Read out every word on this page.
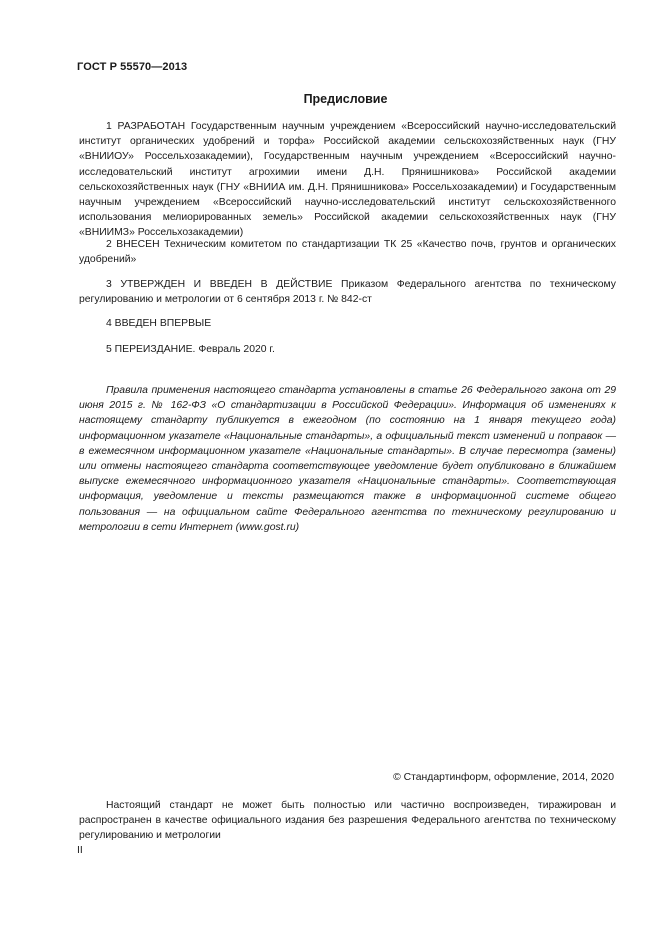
ГОСТ Р 55570—2013
Предисловие

1 РАЗРАБОТАН Государственным научным учреждением «Всероссийский научно-исследовательский институт органических удобрений и торфа» Российской академии сельскохозяйственных наук (ГНУ «ВНИИОУ» Россельхозакадемии), Государственным научным учреждением «Всероссийский научно-исследовательский институт агрохимии имени Д.Н. Прянишникова» Российской академии сельскохозяйственных наук (ГНУ «ВНИИА им. Д.Н. Прянишникова» Россельхозакадемии) и Государственным научным учреждением «Всероссийский научно-исследовательский институт сельскохозяйственного использования мелиорированных земель» Российской академии сельскохозяйственных наук (ГНУ «ВНИИМЗ» Россельхозакадемии)

2 ВНЕСЕН Техническим комитетом по стандартизации ТК 25 «Качество почв, грунтов и органических удобрений»

3 УТВЕРЖДЕН И ВВЕДЕН В ДЕЙСТВИЕ Приказом Федерального агентства по техническому регулированию и метрологии от 6 сентября 2013 г. № 842-ст

4 ВВЕДЕН ВПЕРВЫЕ

5 ПЕРЕИЗДАНИЕ. Февраль 2020 г.

Правила применения настоящего стандарта установлены в статье 26 Федерального закона от 29 июня 2015 г. № 162-ФЗ «О стандартизации в Российской Федерации». Информация об изменениях к настоящему стандарту публикуется в ежегодном (по состоянию на 1 января текущего года) информационном указателе «Национальные стандарты», а официальный текст изменений и поправок — в ежемесячном информационном указателе «Национальные стандарты». В случае пересмотра (замены) или отмены настоящего стандарта соответствующее уведомление будет опубликовано в ближайшем выпуске ежемесячного информационного указателя «Национальные стандарты». Соответствующая информация, уведомление и тексты размещаются также в информационной системе общего пользования — на официальном сайте Федерального агентства по техническому регулированию и метрологии в сети Интернет (www.gost.ru)

© Стандартинформ, оформление, 2014, 2020

Настоящий стандарт не может быть полностью или частично воспроизведен, тиражирован и распространен в качестве официального издания без разрешения Федерального агентства по техническому регулированию и метрологии

II
